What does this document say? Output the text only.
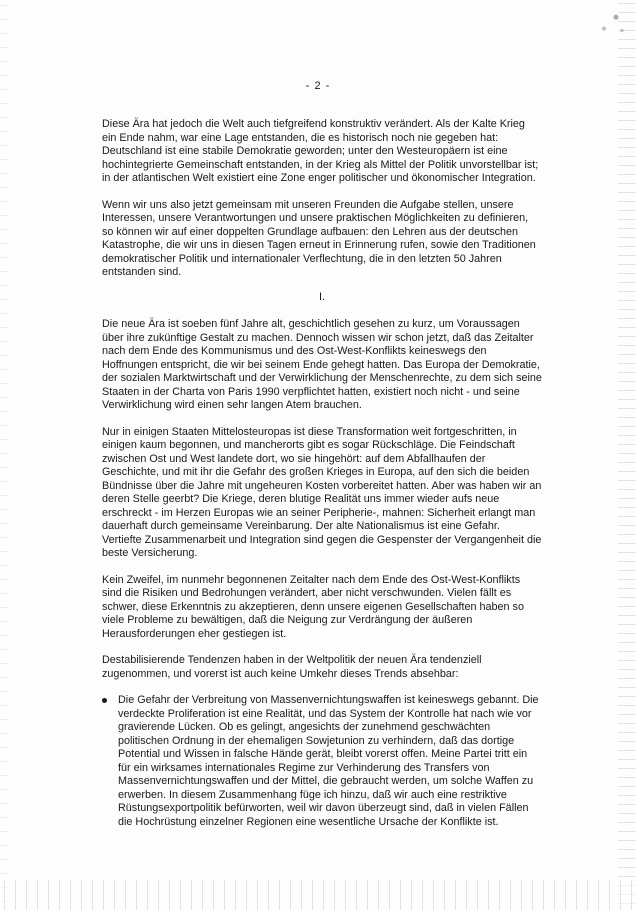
- 2 -

Diese Ära hat jedoch die Welt auch tiefgreifend konstruktiv verändert. Als der Kalte Krieg ein Ende nahm, war eine Lage entstanden, die es historisch noch nie gegeben hat: Deutschland ist eine stabile Demokratie geworden; unter den Westeuropäern ist eine hochintegrierte Gemeinschaft entstanden, in der Krieg als Mittel der Politik unvorstellbar ist; in der atlantischen Welt existiert eine Zone enger politischer und ökonomischer Integration.

Wenn wir uns also jetzt gemeinsam mit unseren Freunden die Aufgabe stellen, unsere Interessen, unsere Verantwortungen und unsere praktischen Möglichkeiten zu definieren, so können wir auf einer doppelten Grundlage aufbauen: den Lehren aus der deutschen Katastrophe, die wir uns in diesen Tagen erneut in Erinnerung rufen, sowie den Traditionen demokratischer Politik und internationaler Verflechtung, die in den letzten 50 Jahren entstanden sind.

I.

Die neue Ära ist soeben fünf Jahre alt, geschichtlich gesehen zu kurz, um Voraussagen über ihre zukünftige Gestalt zu machen. Dennoch wissen wir schon jetzt, daß das Zeitalter nach dem Ende des Kommunismus und des Ost-West-Konflikts keineswegs den Hoffnungen entspricht, die wir bei seinem Ende gehegt hatten. Das Europa der Demokratie, der sozialen Marktwirtschaft und der Verwirklichung der Menschenrechte, zu dem sich seine Staaten in der Charta von Paris 1990 verpflichtet hatten, existiert noch nicht - und seine Verwirklichung wird einen sehr langen Atem brauchen.

Nur in einigen Staaten Mittelosteuropas ist diese Transformation weit fortgeschritten, in einigen kaum begonnen, und mancherorts gibt es sogar Rückschläge. Die Feindschaft zwischen Ost und West landete dort, wo sie hingehört: auf dem Abfallhaufen der Geschichte, und mit ihr die Gefahr des großen Krieges in Europa, auf den sich die beiden Bündnisse über die Jahre mit ungeheuren Kosten vorbereitet hatten. Aber was haben wir an deren Stelle geerbt? Die Kriege, deren blutige Realität uns immer wieder aufs neue erschreckt - im Herzen Europas wie an seiner Peripherie-, mahnen: Sicherheit erlangt man dauerhaft durch gemeinsame Vereinbarung. Der alte Nationalismus ist eine Gefahr. Vertiefte Zusammenarbeit und Integration sind gegen die Gespenster der Vergangenheit die beste Versicherung.

Kein Zweifel, im nunmehr begonnenen Zeitalter nach dem Ende des Ost-West-Konflikts sind die Risiken und Bedrohungen verändert, aber nicht verschwunden. Vielen fällt es schwer, diese Erkenntnis zu akzeptieren, denn unsere eigenen Gesellschaften haben so viele Probleme zu bewältigen, daß die Neigung zur Verdrängung der äußeren Herausforderungen eher gestiegen ist.

Destabilisierende Tendenzen haben in der Weltpolitik der neuen Ära tendenziell zugenommen, und vorerst ist auch keine Umkehr dieses Trends absehbar:

Die Gefahr der Verbreitung von Massenvernichtungswaffen ist keineswegs gebannt. Die verdeckte Proliferation ist eine Realität, und das System der Kontrolle hat nach wie vor gravierende Lücken. Ob es gelingt, angesichts der zunehmend geschwächten politischen Ordnung in der ehemaligen Sowjetunion zu verhindern, daß das dortige Potential und Wissen in falsche Hände gerät, bleibt vorerst offen. Meine Partei tritt ein für ein wirksames internationales Regime zur Verhinderung des Transfers von Massenvernichtungswaffen und der Mittel, die gebraucht werden, um solche Waffen zu erwerben. In diesem Zusammenhang füge ich hinzu, daß wir auch eine restriktive Rüstungsexportpolitik befürworten, weil wir davon überzeugt sind, daß in vielen Fällen die Hochrüstung einzelner Regionen eine wesentliche Ursache der Konflikte ist.
